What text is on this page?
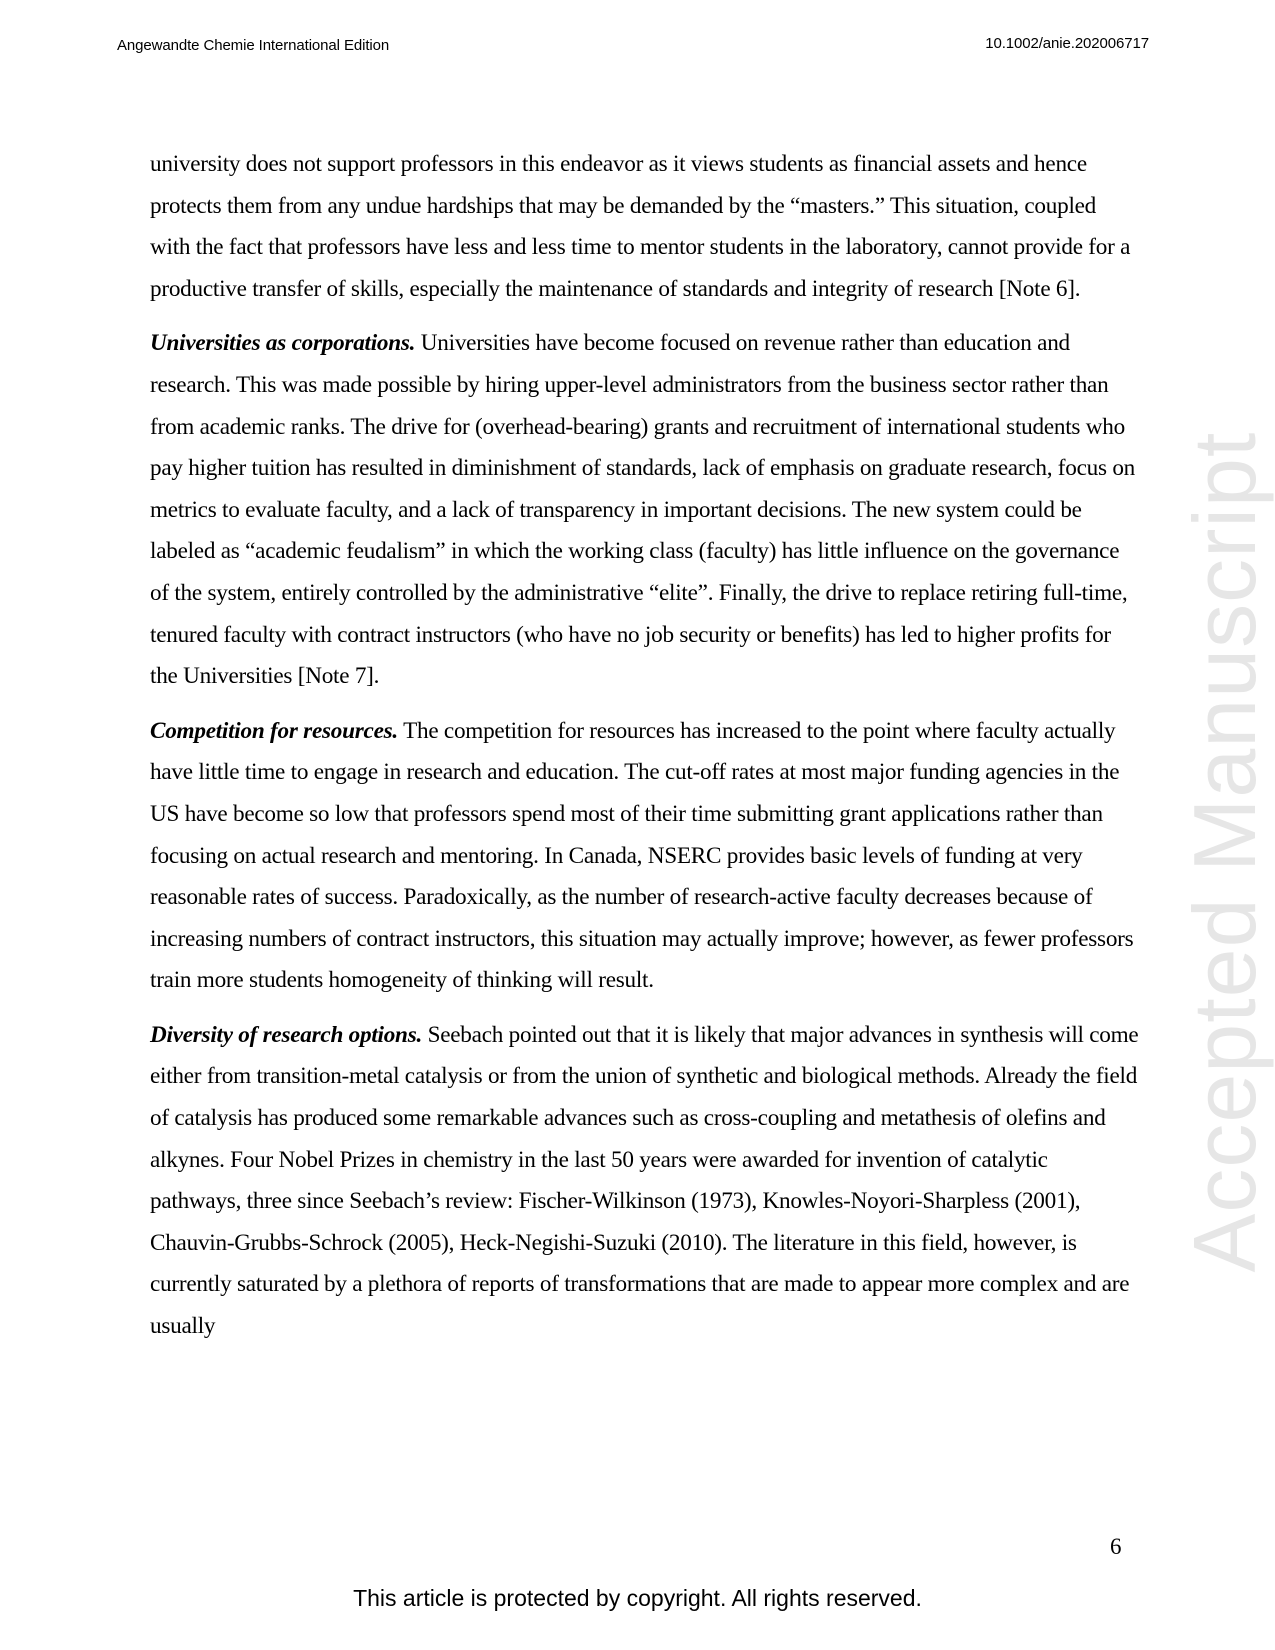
Angewandte Chemie International Edition	10.1002/anie.202006717
Accepted Manuscript

university does not support professors in this endeavor as it views students as financial assets and hence protects them from any undue hardships that may be demanded by the “masters.” This situation, coupled with the fact that professors have less and less time to mentor students in the laboratory, cannot provide for a productive transfer of skills, especially the maintenance of standards and integrity of research [Note 6].

Universities as corporations. Universities have become focused on revenue rather than education and research. This was made possible by hiring upper-level administrators from the business sector rather than from academic ranks. The drive for (overhead-bearing) grants and recruitment of international students who pay higher tuition has resulted in diminishment of standards, lack of emphasis on graduate research, focus on metrics to evaluate faculty, and a lack of transparency in important decisions. The new system could be labeled as “academic feudalism” in which the working class (faculty) has little influence on the governance of the system, entirely controlled by the administrative “elite”. Finally, the drive to replace retiring full-time, tenured faculty with contract instructors (who have no job security or benefits) has led to higher profits for the Universities [Note 7].

Competition for resources. The competition for resources has increased to the point where faculty actually have little time to engage in research and education. The cut-off rates at most major funding agencies in the US have become so low that professors spend most of their time submitting grant applications rather than focusing on actual research and mentoring. In Canada, NSERC provides basic levels of funding at very reasonable rates of success. Paradoxically, as the number of research-active faculty decreases because of increasing numbers of contract instructors, this situation may actually improve; however, as fewer professors train more students homogeneity of thinking will result.

Diversity of research options. Seebach pointed out that it is likely that major advances in synthesis will come either from transition-metal catalysis or from the union of synthetic and biological methods. Already the field of catalysis has produced some remarkable advances such as cross-coupling and metathesis of olefins and alkynes. Four Nobel Prizes in chemistry in the last 50 years were awarded for invention of catalytic pathways, three since Seebach’s review: Fischer-Wilkinson (1973), Knowles-Noyori-Sharpless (2001), Chauvin-Grubbs-Schrock (2005), Heck-Negishi-Suzuki (2010). The literature in this field, however, is currently saturated by a plethora of reports of transformations that are made to appear more complex and are usually

6
This article is protected by copyright. All rights reserved.
